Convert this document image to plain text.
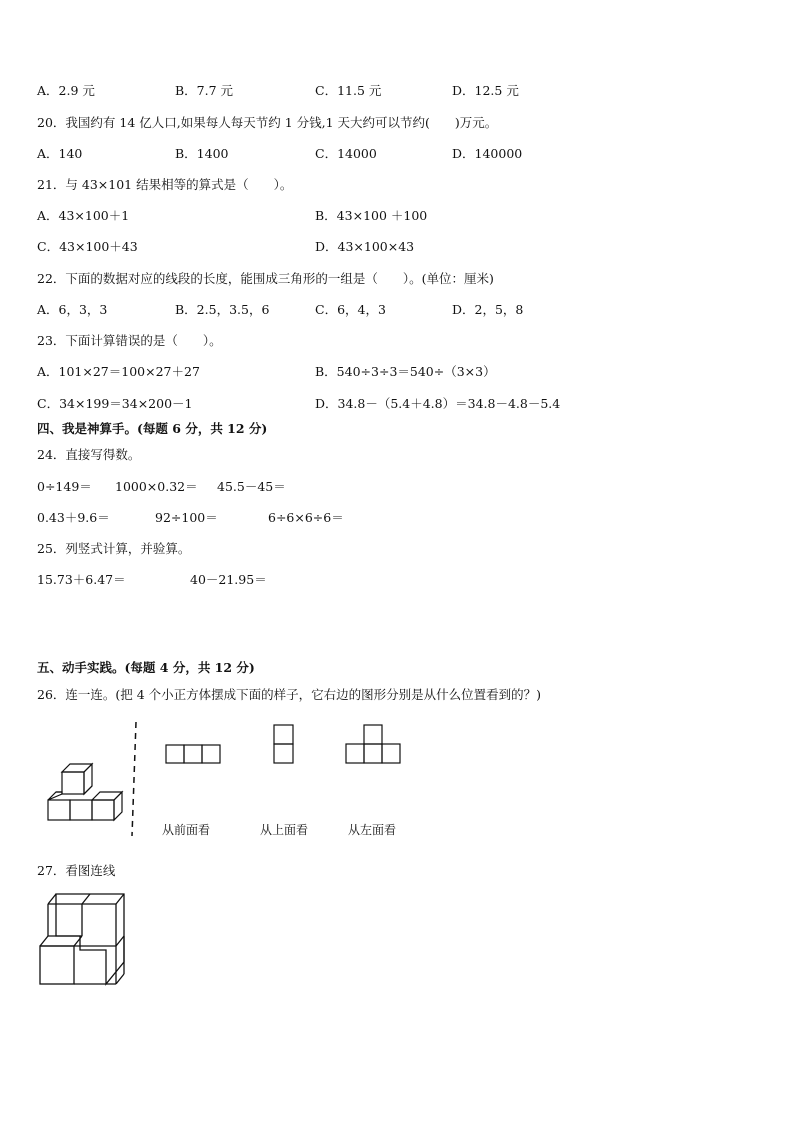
A．2.9 元	B．7.7 元	C．11.5 元	D．12.5 元
20．我国约有 14 亿人口,如果每人每天节约 1 分钱,1 天大约可以节约(　　)万元。
A．140	B．1400	C．14000	D．140000
21．与 43×101 结果相等的算式是（　　）。
A．43×100＋1	B．43×100 ＋100
C．43×100＋43	D．43×100×43
22．下面的数据对应的线段的长度，能围成三角形的一组是（　　）。(单位：厘米)
A．6，3，3	B．2.5，3.5，6	C．6，4，3	D．2，5，8
23．下面计算错误的是（　　）。
A．101×27＝100×27＋27	B．540÷3÷3＝540÷（3×3）
C．34×199＝34×200－1	D．34.8－（5.4＋4.8）＝34.8－4.8－5.4
四、我是神算手。(每题 6 分，共 12 分)
24．直接写得数。
0÷149＝ 1000×0.32＝ 45.5－45＝
0.43＋9.6＝	92÷100＝	6÷6×6÷6＝
25．列竖式计算，并验算。
15.73＋6.47＝	40－21.95＝
五、动手实践。(每题 4 分，共 12 分)
26．连一连。(把 4 个小正方体摆成下面的样子，它右边的图形分别是从什么位置看到的？)
从前面看	从上面看	从左面看
27．看图连线
